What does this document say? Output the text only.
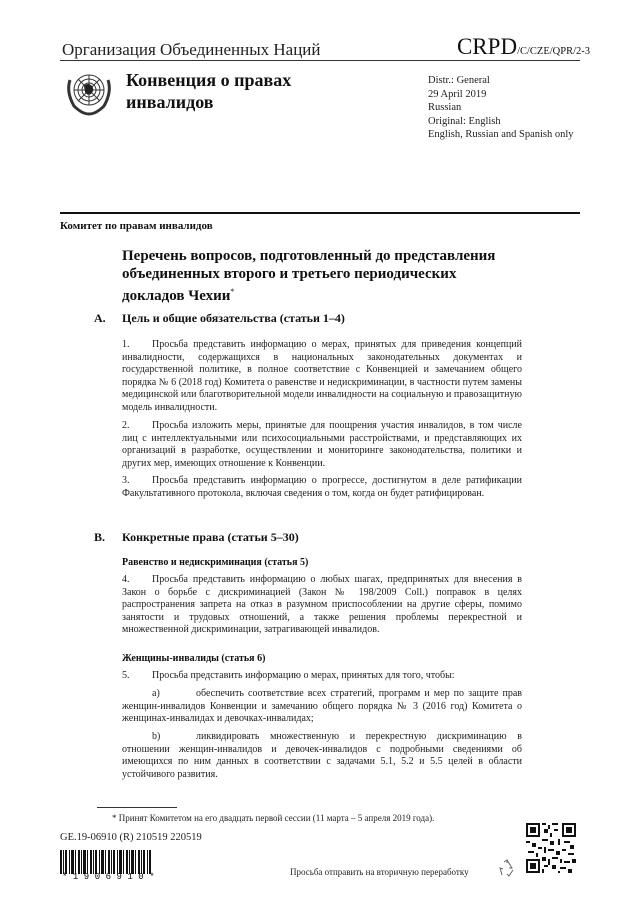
Организация Объединенных Наций	CRPD/C/CZE/QPR/2-3
Конвенция о правах инвалидов
Distr.: General
29 April 2019
Russian
Original: English
English, Russian and Spanish only
Комитет по правам инвалидов
Перечень вопросов, подготовленный до представления объединенных второго и третьего периодических докладов Чехии*
A. Цель и общие обязательства (статьи 1–4)
1. Просьба представить информацию о мерах, принятых для приведения концепций инвалидности, содержащихся в национальных законодательных документах и государственной политике, в полное соответствие с Конвенцией и замечанием общего порядка № 6 (2018 год) Комитета о равенстве и недискриминации, в частности путем замены медицинской или благотворительной модели инвалидности на социальную и правозащитную модель инвалидности.
2. Просьба изложить меры, принятые для поощрения участия инвалидов, в том числе лиц с интеллектуальными или психосоциальными расстройствами, и представляющих их организаций в разработке, осуществлении и мониторинге законодательства, политики и других мер, имеющих отношение к Конвенции.
3. Просьба представить информацию о прогрессе, достигнутом в деле ратификации Факультативного протокола, включая сведения о том, когда он будет ратифицирован.
B. Конкретные права (статьи 5–30)
Равенство и недискриминация (статья 5)
4. Просьба представить информацию о любых шагах, предпринятых для внесения в Закон о борьбе с дискриминацией (Закон № 198/2009 Coll.) поправок в целях распространения запрета на отказ в разумном приспособлении на другие сферы, помимо занятости и трудовых отношений, а также решения проблемы перекрестной и множественной дискриминации, затрагивающей инвалидов.
Женщины-инвалиды (статья 6)
5. Просьба представить информацию о мерах, принятых для того, чтобы:
a)	обеспечить соответствие всех стратегий, программ и мер по защите прав женщин-инвалидов Конвенции и замечанию общего порядка № 3 (2016 год) Комитета о женщинах-инвалидах и девочках-инвалидах;
b)	ликвидировать множественную и перекрестную дискриминацию в отношении женщин-инвалидов и девочек-инвалидов с подробными сведениями об имеющихся по ним данных в соответствии с задачами 5.1, 5.2 и 5.5 целей в области устойчивого развития.
* Принят Комитетом на его двадцать первой сессии (11 марта – 5 апреля 2019 года).
GE.19-06910 (R) 210519 220519
*1906910*	Просьба отправить на вторичную переработку
